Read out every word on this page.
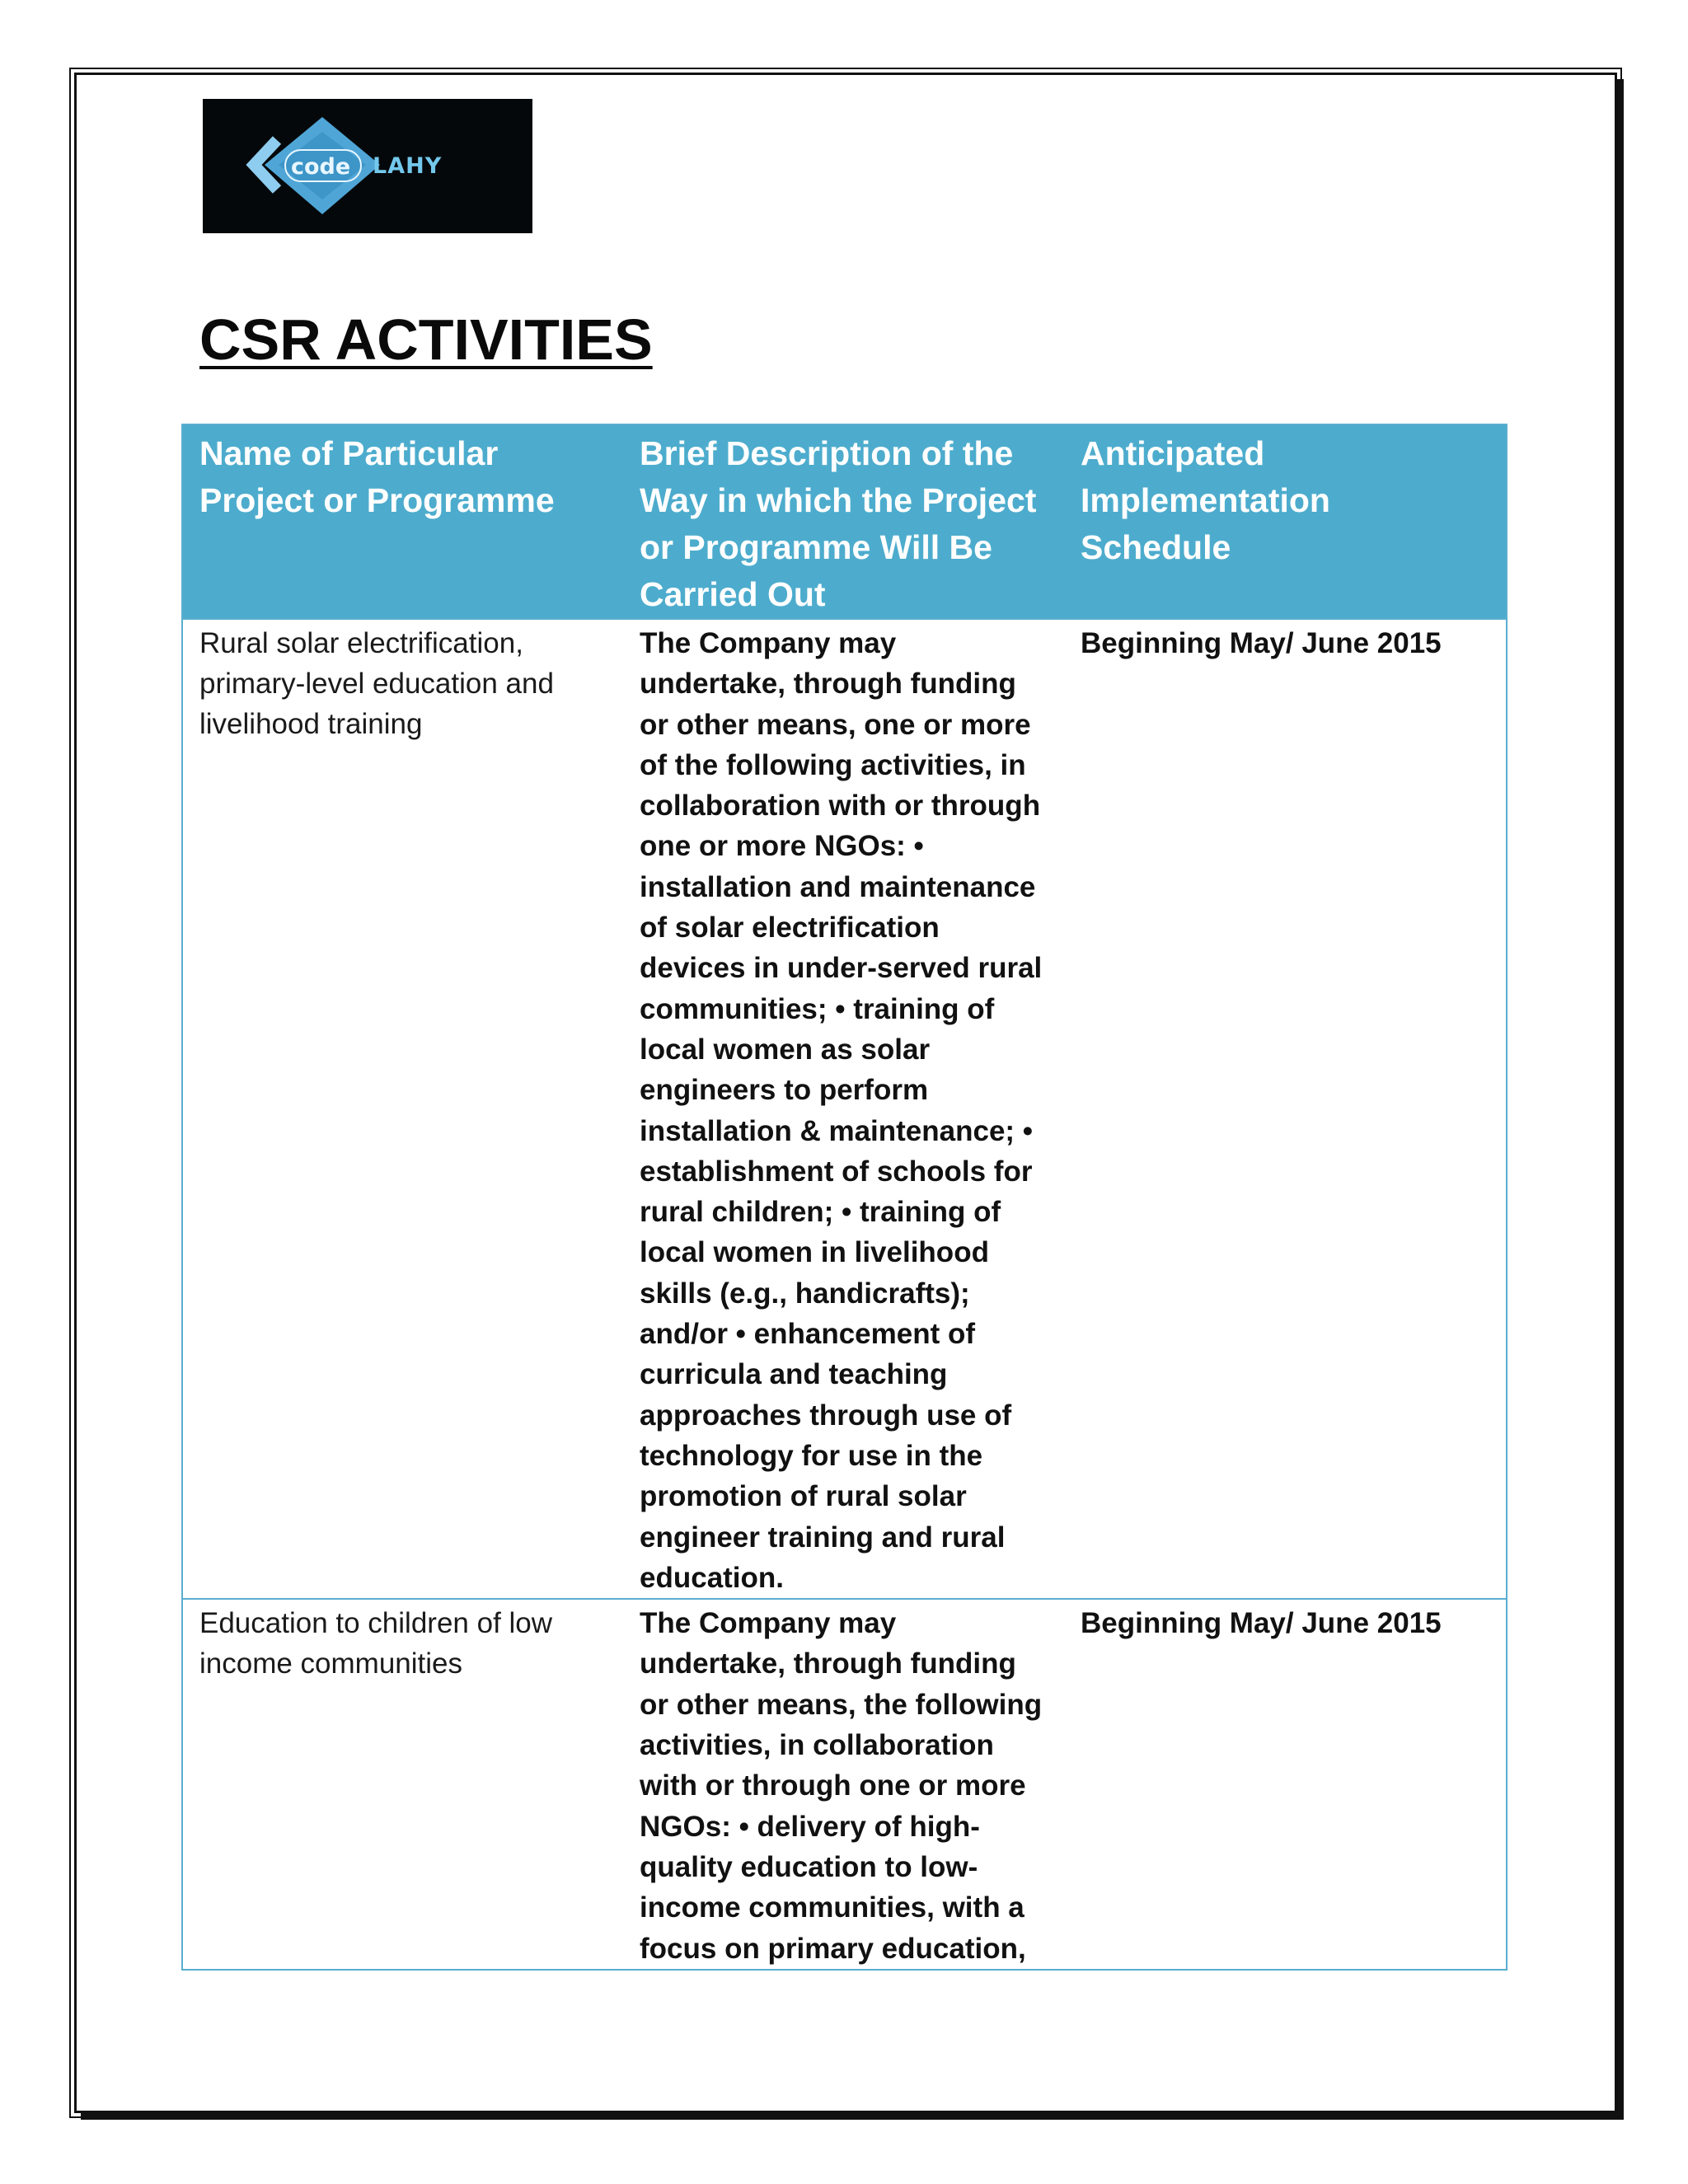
code LAHY
CSR ACTIVITIES
Name of Particular Project or Programme	Brief Description of the Way in which the Project or Programme Will Be Carried Out	Anticipated Implementation Schedule
Rural solar electrification, primary-level education and livelihood training	The Company may undertake, through funding or other means, one or more of the following activities, in collaboration with or through one or more NGOs: • installation and maintenance of solar electrification devices in under-served rural communities; • training of local women as solar engineers to perform installation & maintenance; • establishment of schools for rural children; • training of local women in livelihood skills (e.g., handicrafts); and/or • enhancement of curricula and teaching approaches through use of technology for use in the promotion of rural solar engineer training and rural education.	Beginning May/ June 2015
Education to children of low income communities	The Company may undertake, through funding or other means, the following activities, in collaboration with or through one or more NGOs: • delivery of high-quality education to low-income communities, with a focus on primary education,	Beginning May/ June 2015
